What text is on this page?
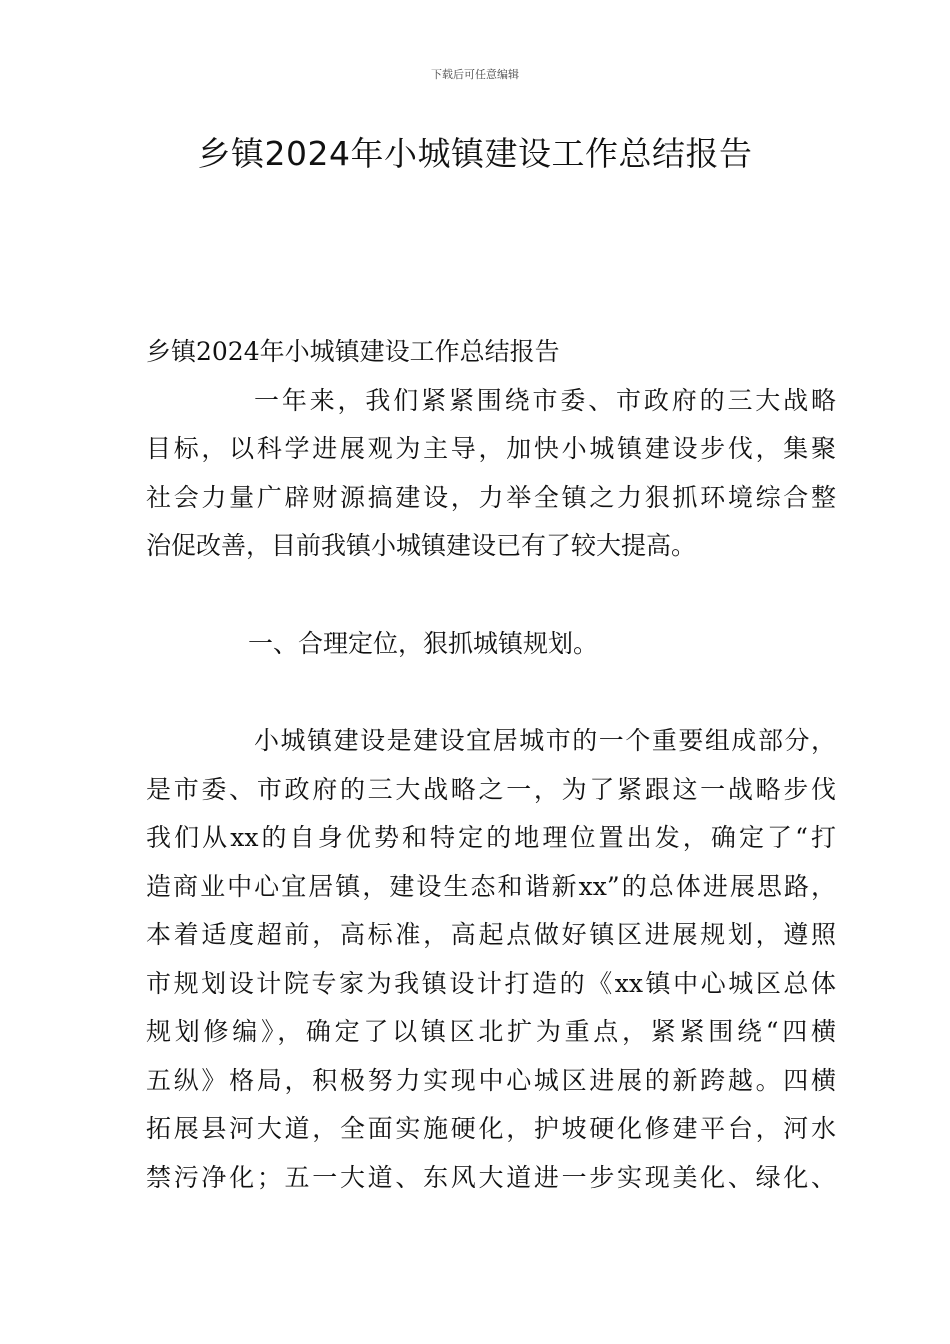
下载后可任意编辑
乡镇2024年小城镇建设工作总结报告
乡镇2024年小城镇建设工作总结报告
一年来，我们紧紧围绕市委、市政府的三大战略
目标，以科学进展观为主导，加快小城镇建设步伐，集聚
社会力量广辟财源搞建设，力举全镇之力狠抓环境综合整
治促改善，目前我镇小城镇建设已有了较大提高。
一、合理定位，狠抓城镇规划。
小城镇建设是建设宜居城市的一个重要组成部分，
是市委、市政府的三大战略之一，为了紧跟这一战略步伐
我们从xx的自身优势和特定的地理位置出发，确定了“打
造商业中心宜居镇，建设生态和谐新xx”的总体进展思路，
本着适度超前，高标准，高起点做好镇区进展规划，遵照
市规划设计院专家为我镇设计打造的《xx镇中心城区总体
规划修编》，确定了以镇区北扩为重点，紧紧围绕“四横
五纵》格局，积极努力实现中心城区进展的新跨越。四横
拓展县河大道，全面实施硬化，护坡硬化修建平台，河水
禁污净化；五一大道、东风大道进一步实现美化、绿化、
